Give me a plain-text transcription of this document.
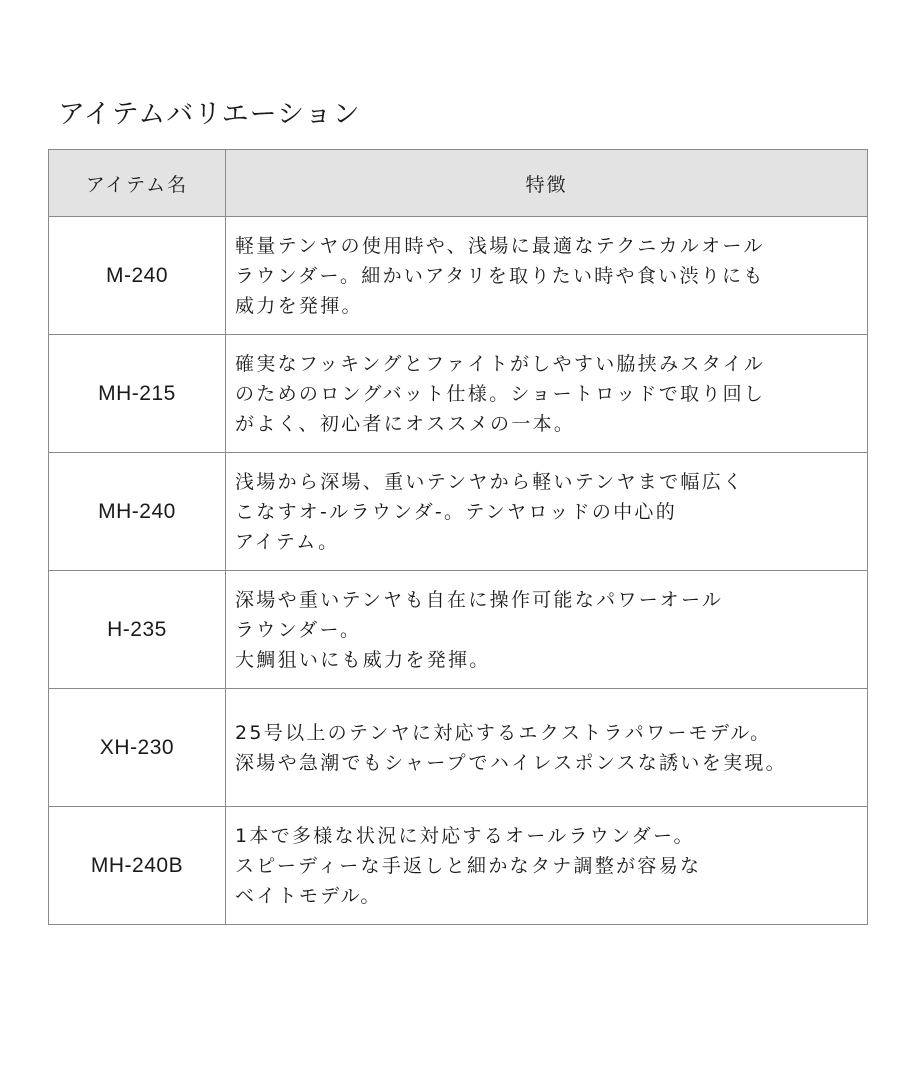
アイテムバリエーション
アイテム名	特徴
M-240	軽量テンヤの使用時や、浅場に最適なテクニカルオール
ラウンダー。細かいアタリを取りたい時や食い渋りにも
威力を発揮。

MH-215	確実なフッキングとファイトがしやすい脇挟みスタイル
のためのロングバット仕様。ショートロッドで取り回し
がよく、初心者にオススメの一本。

MH-240	浅場から深場、重いテンヤから軽いテンヤまで幅広く
こなすオ‐ルラウンダ‐。テンヤロッドの中心的
アイテム。

H-235	深場や重いテンヤも自在に操作可能なパワーオール
ラウンダー。
大鯛狙いにも威力を発揮。

XH-230	25号以上のテンヤに対応するエクストラパワーモデル。
深場や急潮でもシャープでハイレスポンスな誘いを実現。

MH-240B	1本で多様な状況に対応するオールラウンダー。
スピーディーな手返しと細かなタナ調整が容易な
ベイトモデル。
